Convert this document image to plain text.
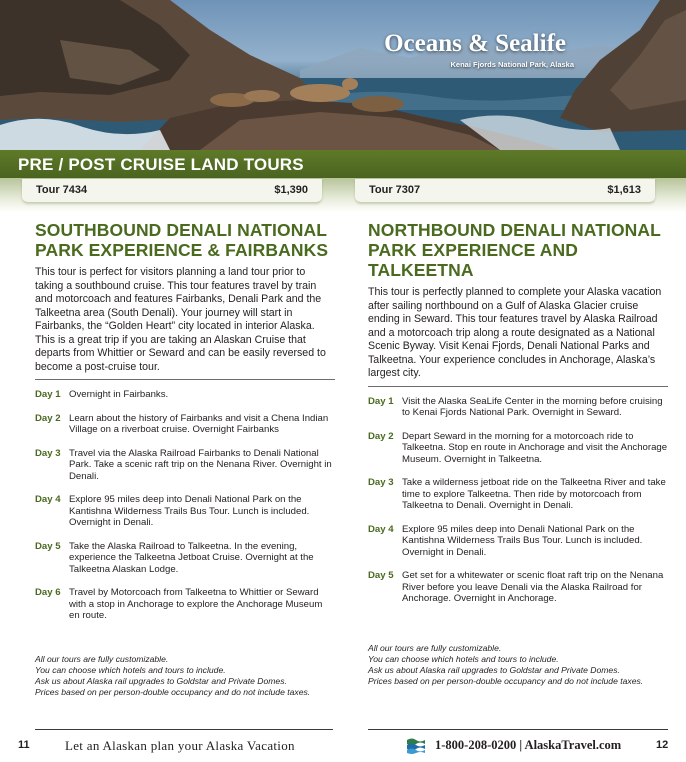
Oceans & Sealife
Kenai Fjords National Park, Alaska
PRE / POST CRUISE LAND TOURS
Tour 7434	$1,390	Tour 7307	$1,613
SOUTHBOUND DENALI NATIONAL PARK EXPERIENCE & FAIRBANKS
This tour is perfect for visitors planning a land tour prior to taking a southbound cruise. This tour features travel by train and motorcoach and features Fairbanks, Denali Park and the Talkeetna area (South Denali). Your journey will start in Fairbanks, the “Golden Heart” city located in interior Alaska. This is a great trip if you are taking an Alaskan Cruise that departs from Whittier or Seward and can be easily reversed to become a post-cruise tour.
Day 1 Overnight in Fairbanks.
Day 2 Learn about the history of Fairbanks and visit a Chena Indian Village on a riverboat cruise. Overnight Fairbanks
Day 3 Travel via the Alaska Railroad Fairbanks to Denali National Park. Take a scenic raft trip on the Nenana River. Overnight in Denali.
Day 4 Explore 95 miles deep into Denali National Park on the Kantishna Wilderness Trails Bus Tour. Lunch is included. Overnight in Denali.
Day 5 Take the Alaska Railroad to Talkeetna. In the evening, experience the Talkeetna Jetboat Cruise. Overnight at the Talkeetna Alaskan Lodge.
Day 6 Travel by Motorcoach from Talkeetna to Whittier or Seward with a stop in Anchorage to explore the Anchorage Museum en route.
NORTHBOUND DENALI NATIONAL PARK EXPERIENCE AND TALKEETNA
This tour is perfectly planned to complete your Alaska vacation after sailing northbound on a Gulf of Alaska Glacier cruise ending in Seward. This tour features travel by Alaska Railroad and a motorcoach trip along a route designated as a National Scenic Byway. Visit Kenai Fjords, Denali National Parks and Talkeetna. Your experience concludes in Anchorage, Alaska’s largest city.
Day 1 Visit the Alaska SeaLife Center in the morning before cruising to Kenai Fjords National Park. Overnight in Seward.
Day 2 Depart Seward in the morning for a motorcoach ride to Talkeetna. Stop en route in Anchorage and visit the Anchorage Museum. Overnight in Talkeetna.
Day 3 Take a wilderness jetboat ride on the Talkeetna River and take time to explore Talkeetna. Then ride by motorcoach from Talkeetna to Denali. Overnight in Denali.
Day 4 Explore 95 miles deep into Denali National Park on the Kantishna Wilderness Trails Bus Tour. Lunch is included. Overnight in Denali.
Day 5 Get set for a whitewater or scenic float raft trip on the Nenana River before you leave Denali via the Alaska Railroad for Anchorage. Overnight in Anchorage.
All our tours are fully customizable.
You can choose which hotels and tours to include.
Ask us about Alaska rail upgrades to Goldstar and Private Domes.
Prices based on per person-double occupancy and do not include taxes.
All our tours are fully customizable.
You can choose which hotels and tours to include.
Ask us about Alaska rail upgrades to Goldstar and Private Domes.
Prices based on per person-double occupancy and do not include taxes.
11	Let an Alaskan plan your Alaska Vacation	1-800-208-0200 | AlaskaTravel.com	12
